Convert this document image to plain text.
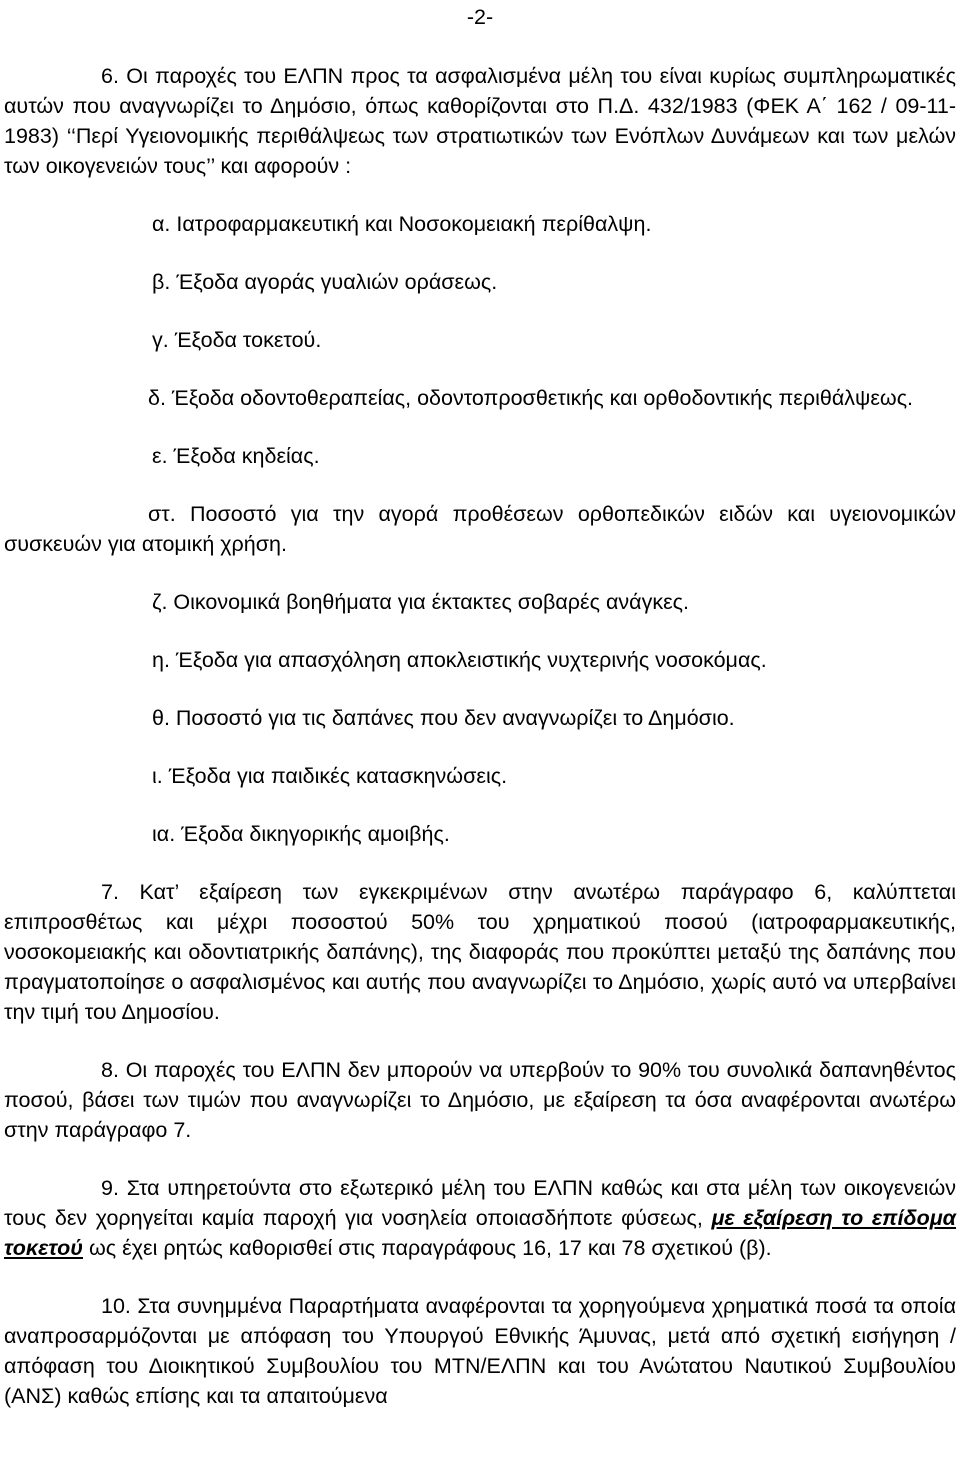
-2-

6. Οι παροχές του ΕΛΠΝ προς τα ασφαλισμένα μέλη του είναι κυρίως συμπληρωματικές αυτών που αναγνωρίζει το Δημόσιο, όπως καθορίζονται στο Π.Δ. 432/1983 (ΦΕΚ Α΄ 162 / 09-11-1983) ‘‘Περί Υγειονομικής περιθάλψεως των στρατιωτικών των Ενόπλων Δυνάμεων και των μελών των οικογενειών τους’’ και αφορούν :

α. Ιατροφαρμακευτική και Νοσοκομειακή περίθαλψη.

β. Έξοδα αγοράς γυαλιών οράσεως.

γ. Έξοδα τοκετού.

δ. Έξοδα οδοντοθεραπείας, οδοντοπροσθετικής και ορθοδοντικής περιθάλψεως.

ε. Έξοδα κηδείας.

στ. Ποσοστό για την αγορά προθέσεων ορθοπεδικών ειδών και υγειονομικών συσκευών για ατομική χρήση.

ζ. Οικονομικά βοηθήματα για έκτακτες σοβαρές ανάγκες.

η. Έξοδα για απασχόληση αποκλειστικής νυχτερινής νοσοκόμας.

θ. Ποσοστό για τις δαπάνες που δεν αναγνωρίζει το Δημόσιο.

ι. Έξοδα για παιδικές κατασκηνώσεις.

ια. Έξοδα δικηγορικής αμοιβής.

7. Κατ’ εξαίρεση των εγκεκριμένων στην ανωτέρω παράγραφο 6, καλύπτεται επιπροσθέτως και μέχρι ποσοστού 50% του χρηματικού ποσού (ιατροφαρμακευτικής, νοσοκομειακής και οδοντιατρικής δαπάνης), της διαφοράς που προκύπτει μεταξύ της δαπάνης που πραγματοποίησε ο ασφαλισμένος και αυτής που αναγνωρίζει το Δημόσιο, χωρίς αυτό να υπερβαίνει την τιμή του Δημοσίου.

8. Οι παροχές του ΕΛΠΝ δεν μπορούν να υπερβούν το 90% του συνολικά δαπανηθέντος ποσού, βάσει των τιμών που αναγνωρίζει το Δημόσιο, με εξαίρεση τα όσα αναφέρονται ανωτέρω στην παράγραφο 7.

9. Στα υπηρετούντα στο εξωτερικό μέλη του ΕΛΠΝ καθώς και στα μέλη των οικογενειών τους δεν χορηγείται καμία παροχή για νοσηλεία οποιασδήποτε φύσεως, με εξαίρεση το επίδομα τοκετού ως έχει ρητώς καθορισθεί στις παραγράφους 16, 17 και 78 σχετικού (β).

10. Στα συνημμένα Παραρτήματα αναφέρονται τα χορηγούμενα χρηματικά ποσά τα οποία αναπροσαρμόζονται με απόφαση του Υπουργού Εθνικής Άμυνας, μετά από σχετική εισήγηση / απόφαση του Διοικητικού Συμβουλίου του ΜΤΝ/ΕΛΠΝ και του Ανώτατου Ναυτικού Συμβουλίου (ΑΝΣ) καθώς επίσης και τα απαιτούμενα
